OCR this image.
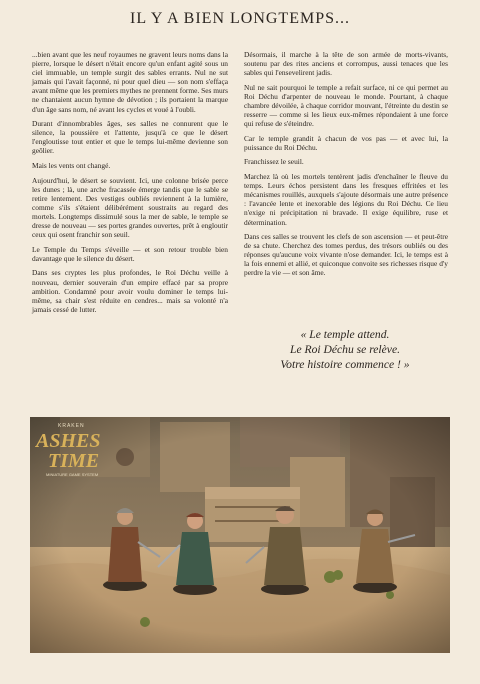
IL Y A BIEN LONGTEMPS...

...bien avant que les neuf royaumes ne gravent leurs noms dans la pierre, lorsque le désert n'était encore qu'un enfant agité sous un ciel immuable, un temple surgit des sables errants. Nul ne sut jamais qui l'avait façonné, ni pour quel dieu — son nom s'effaça avant même que les premiers mythes ne prennent forme. Ses murs ne chantaient aucun hymne de dévotion ; ils portaient la marque d'un âge sans nom, né avant les cycles et voué à l'oubli.

Durant d'innombrables âges, ses salles ne connurent que le silence, la poussière et l'attente, jusqu'à ce que le désert l'engloutisse tout entier et que le temps lui-même devienne son geôlier.

Mais les vents ont changé.

Aujourd'hui, le désert se souvient. Ici, une colonne brisée perce les dunes ; là, une arche fracassée émerge tandis que le sable se retire lentement. Des vestiges oubliés reviennent à la lumière, comme s'ils s'étaient délibérément soustraits au regard des mortels. Longtemps dissimulé sous la mer de sable, le temple se dresse de nouveau — ses portes grandes ouvertes, prêt à engloutir ceux qui osent franchir son seuil.

Le Temple du Temps s'éveille — et son retour trouble bien davantage que le silence du désert.

Dans ses cryptes les plus profondes, le Roi Déchu veille à nouveau, dernier souverain d'un empire effacé par sa propre ambition. Condamné pour avoir voulu dominer le temps lui-même, sa chair s'est réduite en cendres... mais sa volonté n'a jamais cessé de lutter.

Désormais, il marche à la tête de son armée de morts-vivants, soutenu par des rites anciens et corrompus, aussi tenaces que les sables qui l'ensevelirent jadis.

Nul ne sait pourquoi le temple a refait surface, ni ce qui permet au Roi Déchu d'arpenter de nouveau le monde. Pourtant, à chaque chambre dévoilée, à chaque corridor mouvant, l'étreinte du destin se resserre — comme si les lieux eux-mêmes répondaient à une force qui refuse de s'éteindre.

Car le temple grandit à chacun de vos pas — et avec lui, la puissance du Roi Déchu.

Franchissez le seuil.

Marchez là où les mortels tentèrent jadis d'enchaîner le fleuve du temps. Leurs échos persistent dans les fresques effritées et les mécanismes rouillés, auxquels s'ajoute désormais une autre présence : l'avancée lente et inexorable des légions du Roi Déchu. Ce lieu n'exige ni précipitation ni bravade. Il exige équilibre, ruse et détermination.

Dans ces salles se trouvent les clefs de son ascension — et peut-être de sa chute. Cherchez des tomes perdus, des trésors oubliés ou des réponses qu'aucune voix vivante n'ose demander. Ici, le temps est à la fois ennemi et allié, et quiconque convoite ses richesses risque d'y perdre la vie — et son âme.

« Le temple attend.
Le Roi Déchu se relève.
Votre histoire commence ! »
KRAKEN
ASHES
TIME
MINIATURE GAME SYSTEM
